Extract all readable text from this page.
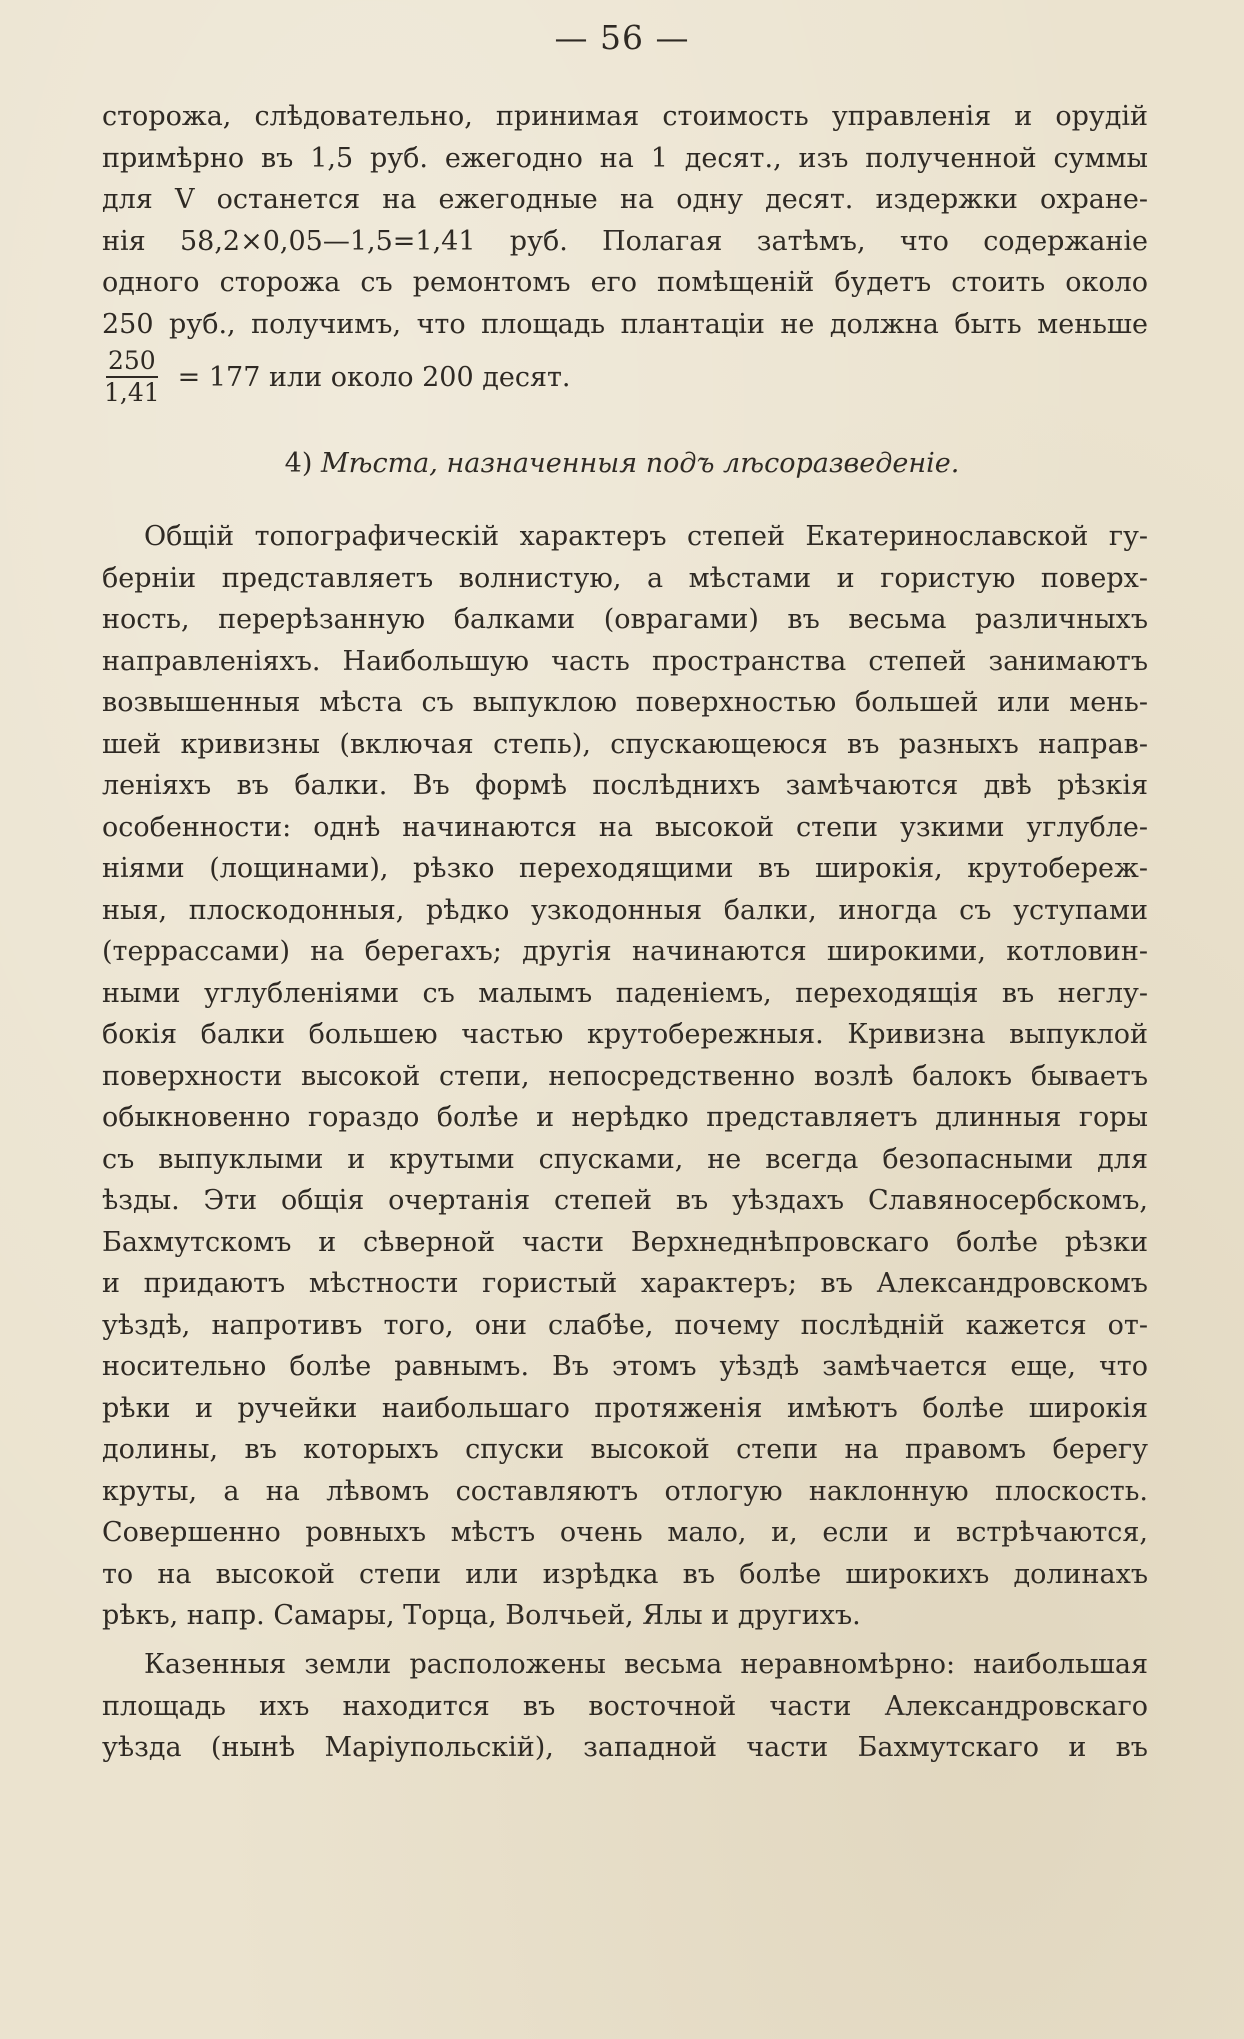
— 56 —
сторожа, слѣдовательно, принимая стоимость управленія и орудій
примѣрно въ 1,5 руб. ежегодно на 1 десят., изъ полученной суммы
для V останется на ежегодные на одну десят. издержки охране-
нія 58,2×0,05—1,5=1,41 руб. Полагая затѣмъ, что содержаніе
одного сторожа съ ремонтомъ его помѣщеній будетъ стоить около
250 руб., получимъ, что площадь плантаціи не должна быть меньше
$\frac{250}{1,41} = 177$ или около 200 десят.
4) Мѣста, назначенныя подъ лѣсоразведеніе.
Общій топографическій характеръ степей Екатеринославской гу-
берніи представляетъ волнистую, а мѣстами и гористую поверх-
ность, перерѣзанную балками (оврагами) въ весьма различныхъ
направленіяхъ. Наибольшую часть пространства степей занимаютъ
возвышенныя мѣста съ выпуклою поверхностью большей или мень-
шей кривизны (включая степь), спускающеюся въ разныхъ направ-
леніяхъ въ балки. Въ формѣ послѣднихъ замѣчаются двѣ рѣзкія
особенности: однѣ начинаются на высокой степи узкими углубле-
ніями (лощинами), рѣзко переходящими въ широкія, крутобереж-
ныя, плоскодонныя, рѣдко узкодонныя балки, иногда съ уступами
(террассами) на берегахъ; другія начинаются широкими, котловин-
ными углубленіями съ малымъ паденіемъ, переходящія въ неглу-
бокія балки большею частью крутобережныя. Кривизна выпуклой
поверхности высокой степи, непосредственно возлѣ балокъ бываетъ
обыкновенно гораздо болѣе и нерѣдко представляетъ длинныя горы
съ выпуклыми и крутыми спусками, не всегда безопасными для
ѣзды. Эти общія очертанія степей въ уѣздахъ Славяносербскомъ,
Бахмутскомъ и сѣверной части Верхнеднѣпровскаго болѣе рѣзки
и придаютъ мѣстности гористый характеръ; въ Александровскомъ
уѣздѣ, напротивъ того, они слабѣе, почему послѣдній кажется от-
носительно болѣе равнымъ. Въ этомъ уѣздѣ замѣчается еще, что
рѣки и ручейки наибольшаго протяженія имѣютъ болѣе широкія
долины, въ которыхъ спуски высокой степи на правомъ берегу
круты, а на лѣвомъ составляютъ отлогую наклонную плоскость.
Совершенно ровныхъ мѣстъ очень мало, и, если и встрѣчаются,
то на высокой степи или изрѣдка въ болѣе широкихъ долинахъ
рѣкъ, напр. Самары, Торца, Волчьей, Ялы и другихъ.
Казенныя земли расположены весьма неравномѣрно: наибольшая
площадь ихъ находится въ восточной части Александровскаго
уѣзда (нынѣ Маріупольскій), западной части Бахмутскаго и въ
